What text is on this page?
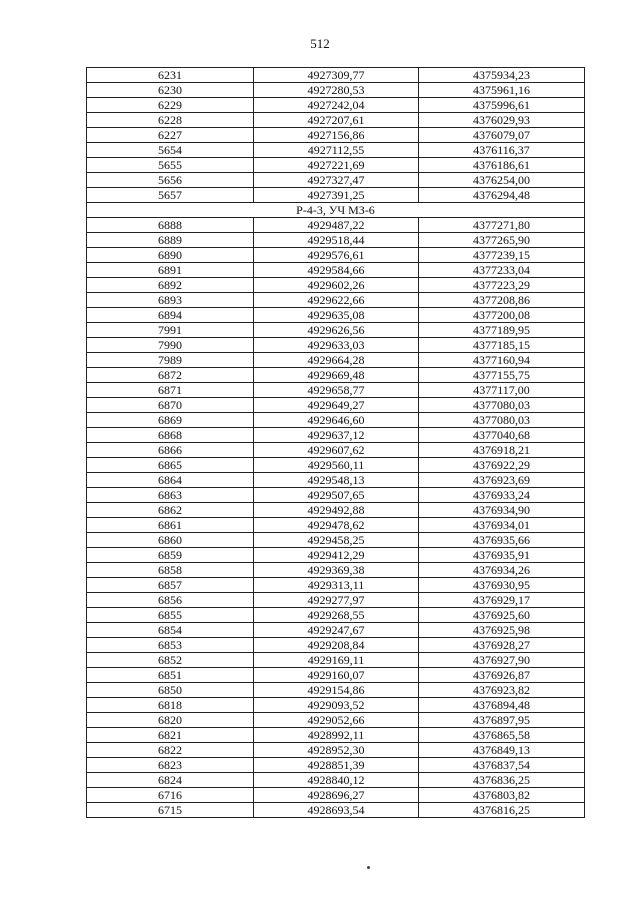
512
6231	4927309,77	4375934,23
6230	4927280,53	4375961,16
6229	4927242,04	4375996,61
6228	4927207,61	4376029,93
6227	4927156,86	4376079,07
5654	4927112,55	4376116,37
5655	4927221,69	4376186,61
5656	4927327,47	4376254,00
5657	4927391,25	4376294,48
Р-4-3, УЧ МЗ-6		
6888	4929487,22	4377271,80
6889	4929518,44	4377265,90
6890	4929576,61	4377239,15
6891	4929584,66	4377233,04
6892	4929602,26	4377223,29
6893	4929622,66	4377208,86
6894	4929635,08	4377200,08
7991	4929626,56	4377189,95
7990	4929633,03	4377185,15
7989	4929664,28	4377160,94
6872	4929669,48	4377155,75
6871	4929658,77	4377117,00
6870	4929649,27	4377080,03
6869	4929646,60	4377080,03
6868	4929637,12	4377040,68
6866	4929607,62	4376918,21
6865	4929560,11	4376922,29
6864	4929548,13	4376923,69
6863	4929507,65	4376933,24
6862	4929492,88	4376934,90
6861	4929478,62	4376934,01
6860	4929458,25	4376935,66
6859	4929412,29	4376935,91
6858	4929369,38	4376934,26
6857	4929313,11	4376930,95
6856	4929277,97	4376929,17
6855	4929268,55	4376925,60
6854	4929247,67	4376925,98
6853	4929208,84	4376928,27
6852	4929169,11	4376927,90
6851	4929160,07	4376926,87
6850	4929154,86	4376923,82
6818	4929093,52	4376894,48
6820	4929052,66	4376897,95
6821	4928992,11	4376865,58
6822	4928952,30	4376849,13
6823	4928851,39	4376837,54
6824	4928840,12	4376836,25
6716	4928696,27	4376803,82
6715	4928693,54	4376816,25
